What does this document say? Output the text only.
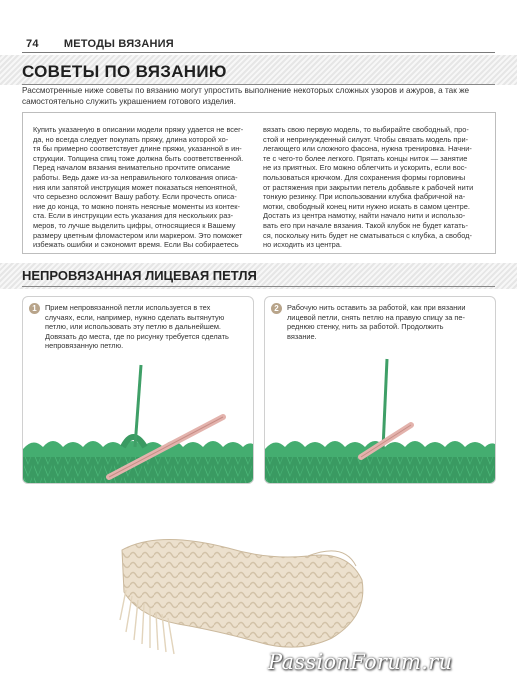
74 МЕТОДЫ ВЯЗАНИЯ
СОВЕТЫ ПО ВЯЗАНИЮ
Рассмотренные ниже советы по вязанию могут упростить выполнение некоторых сложных узоров и ажуров, а так же самостоятельно служить украшением готового изделия.
Купить указанную в описании модели пряжу удается не всег-
да, но всегда следует покупать пряжу, длина которой хо-
тя бы примерно соответствует длине пряжи, указанной в ин-
струкции. Толщина спиц тоже должна быть соответственной.
Перед началом вязания внимательно прочтите описание
работы. Ведь даже из-за неправильного толкования описа-
ния или запятой инструкция может показаться непонятной,
что серьезно осложнит Вашу работу. Если прочесть описа-
ние до конца, то можно понять неясные моменты из контек-
ста. Если в инструкции есть указания для нескольких раз-
меров, то лучше выделить цифры, относящиеся к Вашему
размеру цветным фломастером или маркером. Это поможет
избежать ошибки и сэкономит время. Если Вы собираетесь
вязать свою первую модель, то выбирайте свободный, про-
стой и непринужденный силуэт. Чтобы связать модель при-
легающего или сложного фасона, нужна тренировка. Начни-
те с чего-то более легкого. Прятать концы ниток — занятие
не из приятных. Его можно облегчить и ускорить, если вос-
пользоваться крючком. Для сохранения формы горловины
от растяжения при закрытии петель добавьте к рабочей нити
тонкую резинку. При использовании клубка фабричной на-
мотки, свободный конец нити нужно искать в самом центре.
Достать из центра намотку, найти начало нити и использо-
вать его при начале вязания. Такой клубок не будет катать-
ся, поскольку нить будет не сматываться с клубка, а свобод-
но исходить из центра.
НЕПРОВЯЗАННАЯ ЛИЦЕВАЯ ПЕТЛЯ
1	Прием непровязанной петли используется в тех
случаях, если, например, нужно сделать вытянутую
петлю, или использовать эту петлю в дальнейшем.
Довязать до места, где по рисунку требуется сделать
непровязанную петлю.
2	Рабочую нить оставить за работой, как при вязании
лицевой петли, снять петлю на правую спицу за пе-
реднюю стенку, нить за работой. Продолжить
вязание.
PassionForum.ru
